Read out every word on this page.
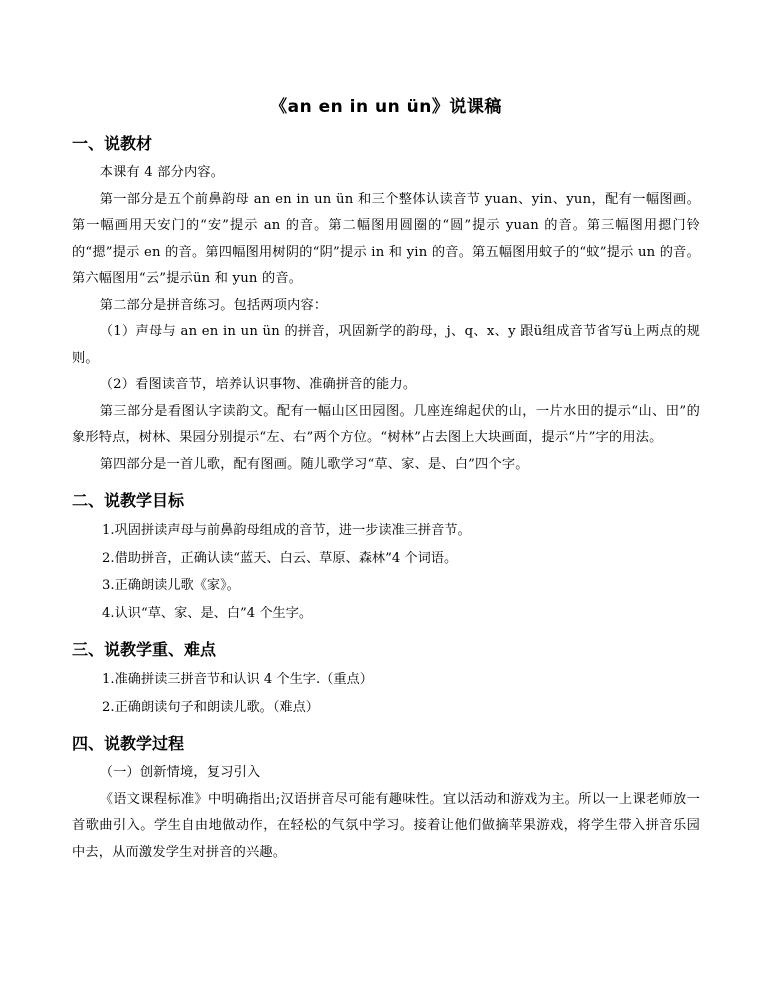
《an en in un ün》说课稿
一、说教材

本课有 4 部分内容。

第一部分是五个前鼻韵母 an en in un ün 和三个整体认读音节 yuan、yin、yun，配有一幅图画。第一幅画用天安门的“安”提示 an 的音。第二幅图用圆圈的“圆”提示 yuan 的音。第三幅图用摁门铃的“摁”提示 en 的音。第四幅图用树阴的“阴”提示 in 和 yin 的音。第五幅图用蚊子的“蚊”提示 un 的音。第六幅图用“云”提示ün 和 yun 的音。

第二部分是拼音练习。包括两项内容：

（1）声母与 an en in un ün 的拼音，巩固新学的韵母，j、q、x、y 跟ü组成音节省写ü上两点的规则。

（2）看图读音节，培养认识事物、准确拼音的能力。

第三部分是看图认字读韵文。配有一幅山区田园图。几座连绵起伏的山，一片水田的提示“山、田”的象形特点，树林、果园分别提示“左、右”两个方位。“树林”占去图上大块画面，提示“片”字的用法。

第四部分是一首儿歌，配有图画。随儿歌学习“草、家、是、白”四个字。

二、说教学目标

1.巩固拼读声母与前鼻韵母组成的音节，进一步读准三拼音节。

2.借助拼音，正确认读“蓝天、白云、草原、森林”4 个词语。

3.正确朗读儿歌《家》。

4.认识“草、家、是、白”4 个生字。

三、说教学重、难点

1.准确拼读三拼音节和认识 4 个生字.（重点）

2.正确朗读句子和朗读儿歌。（难点）

四、说教学过程

（一）创新情境，复习引入

《语文课程标准》中明确指出;汉语拼音尽可能有趣味性。宜以活动和游戏为主。所以一上课老师放一首歌曲引入。学生自由地做动作，在轻松的气氛中学习。接着让他们做摘苹果游戏，将学生带入拼音乐园中去，从而激发学生对拼音的兴趣。
